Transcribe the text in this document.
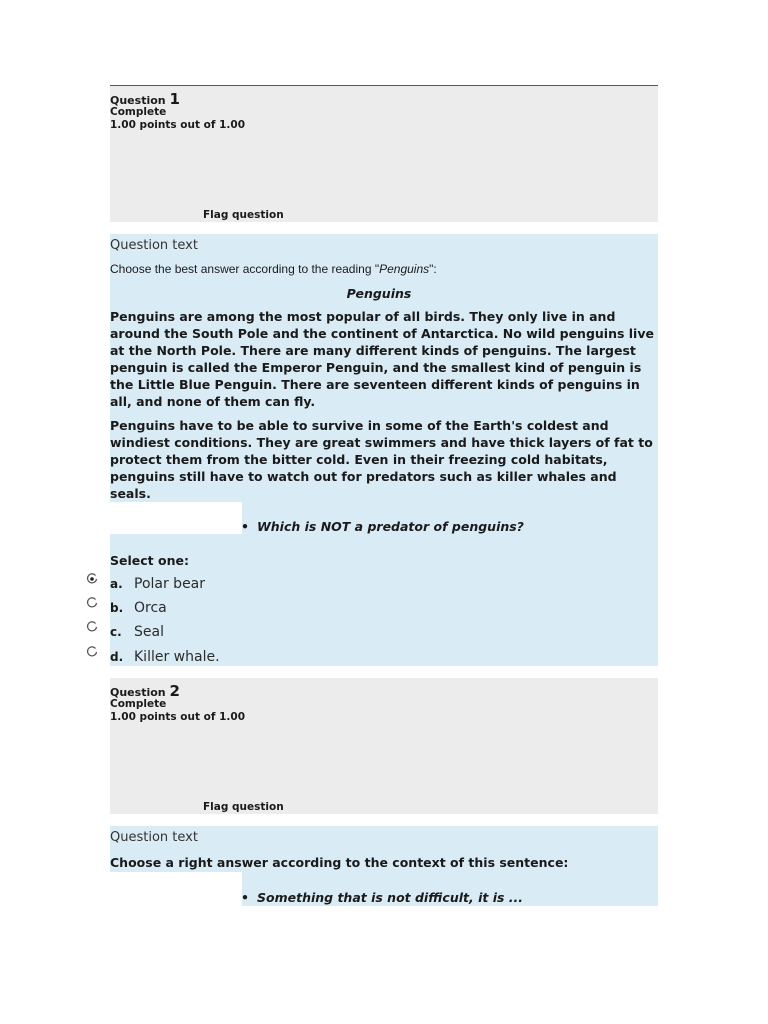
Question 1
Complete
1.00 points out of 1.00
Flag question
Question text
Choose the best answer according to the reading "Penguins":
Penguins
Penguins are among the most popular of all birds. They only live in and around the South Pole and the continent of Antarctica. No wild penguins live at the North Pole. There are many different kinds of penguins. The largest penguin is called the Emperor Penguin, and the smallest kind of penguin is the Little Blue Penguin. There are seventeen different kinds of penguins in all, and none of them can fly.
Penguins have to be able to survive in some of the Earth's coldest and windiest conditions. They are great swimmers and have thick layers of fat to protect them from the bitter cold. Even in their freezing cold habitats, penguins still have to watch out for predators such as killer whales and seals.
• Which is NOT a predator of penguins?
Select one:
a. Polar bear
b. Orca
c. Seal
d. Killer whale.
Question 2
Complete
1.00 points out of 1.00
Flag question
Question text
Choose a right answer according to the context of this sentence:
• Something that is not difficult, it is ...
